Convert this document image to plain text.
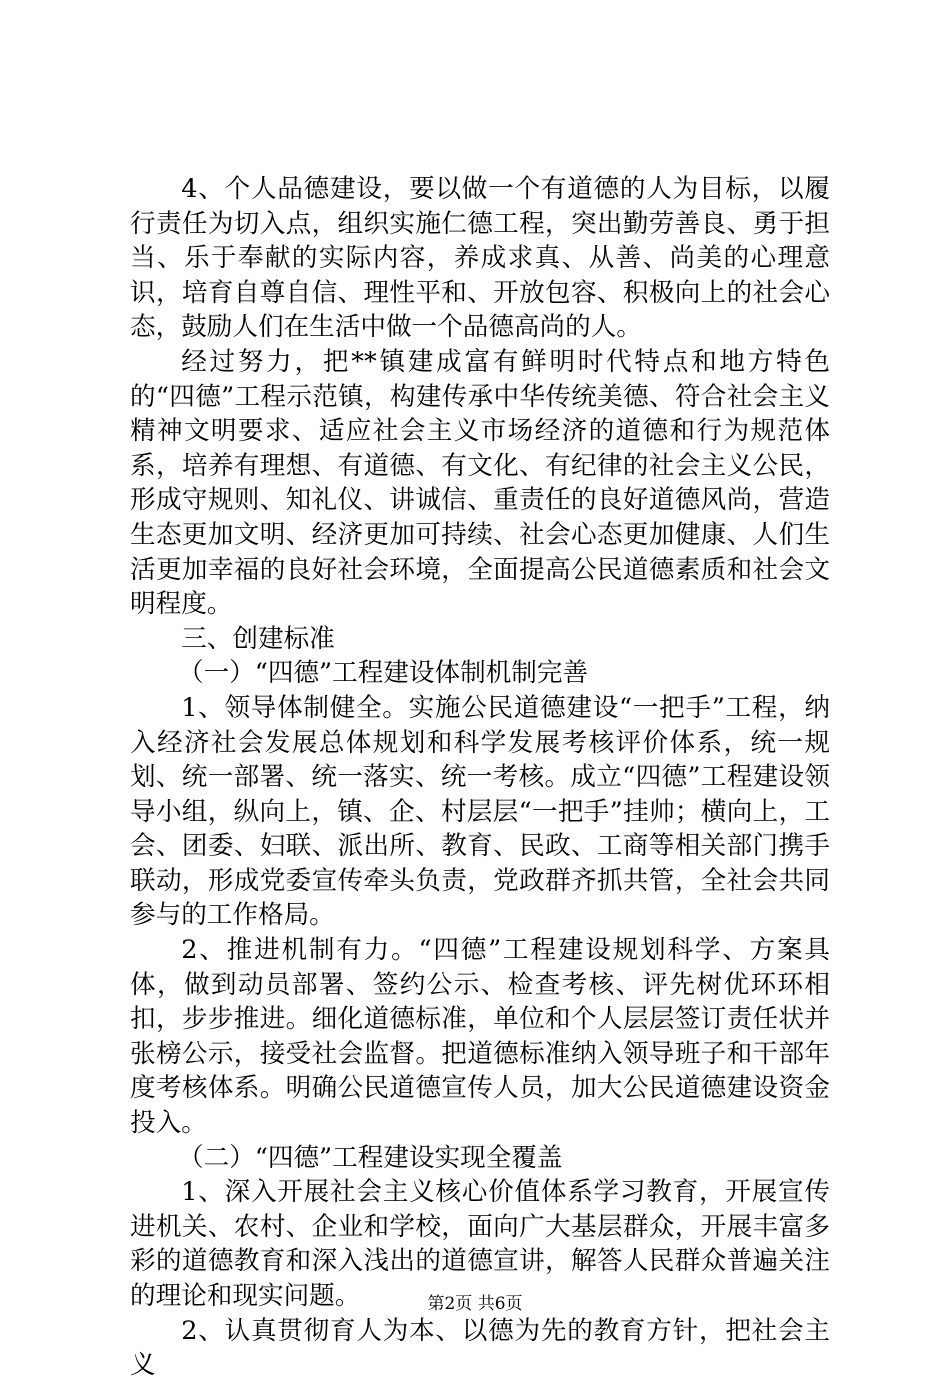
4、个人品德建设，要以做一个有道德的人为目标，以履行责任为切入点，组织实施仁德工程，突出勤劳善良、勇于担当、乐于奉献的实际内容，养成求真、从善、尚美的心理意识，培育自尊自信、理性平和、开放包容、积极向上的社会心态，鼓励人们在生活中做一个品德高尚的人。

经过努力，把**镇建成富有鲜明时代特点和地方特色的“四德”工程示范镇，构建传承中华传统美德、符合社会主义精神文明要求、适应社会主义市场经济的道德和行为规范体系，培养有理想、有道德、有文化、有纪律的社会主义公民，形成守规则、知礼仪、讲诚信、重责任的良好道德风尚，营造生态更加文明、经济更加可持续、社会心态更加健康、人们生活更加幸福的良好社会环境，全面提高公民道德素质和社会文明程度。

三、创建标准

（一）“四德”工程建设体制机制完善

1、领导体制健全。实施公民道德建设“一把手”工程，纳入经济社会发展总体规划和科学发展考核评价体系，统一规划、统一部署、统一落实、统一考核。成立“四德”工程建设领导小组，纵向上，镇、企、村层层“一把手”挂帅；横向上，工会、团委、妇联、派出所、教育、民政、工商等相关部门携手联动，形成党委宣传牵头负责，党政群齐抓共管，全社会共同参与的工作格局。

2、推进机制有力。“四德”工程建设规划科学、方案具体，做到动员部署、签约公示、检查考核、评先树优环环相扣，步步推进。细化道德标准，单位和个人层层签订责任状并张榜公示，接受社会监督。把道德标准纳入领导班子和干部年度考核体系。明确公民道德宣传人员，加大公民道德建设资金投入。

（二）“四德”工程建设实现全覆盖

1、深入开展社会主义核心价值体系学习教育，开展宣传进机关、农村、企业和学校，面向广大基层群众，开展丰富多彩的道德教育和深入浅出的道德宣讲，解答人民群众普遍关注的理论和现实问题。

2、认真贯彻育人为本、以德为先的教育方针，把社会主义

第2页 共6页
